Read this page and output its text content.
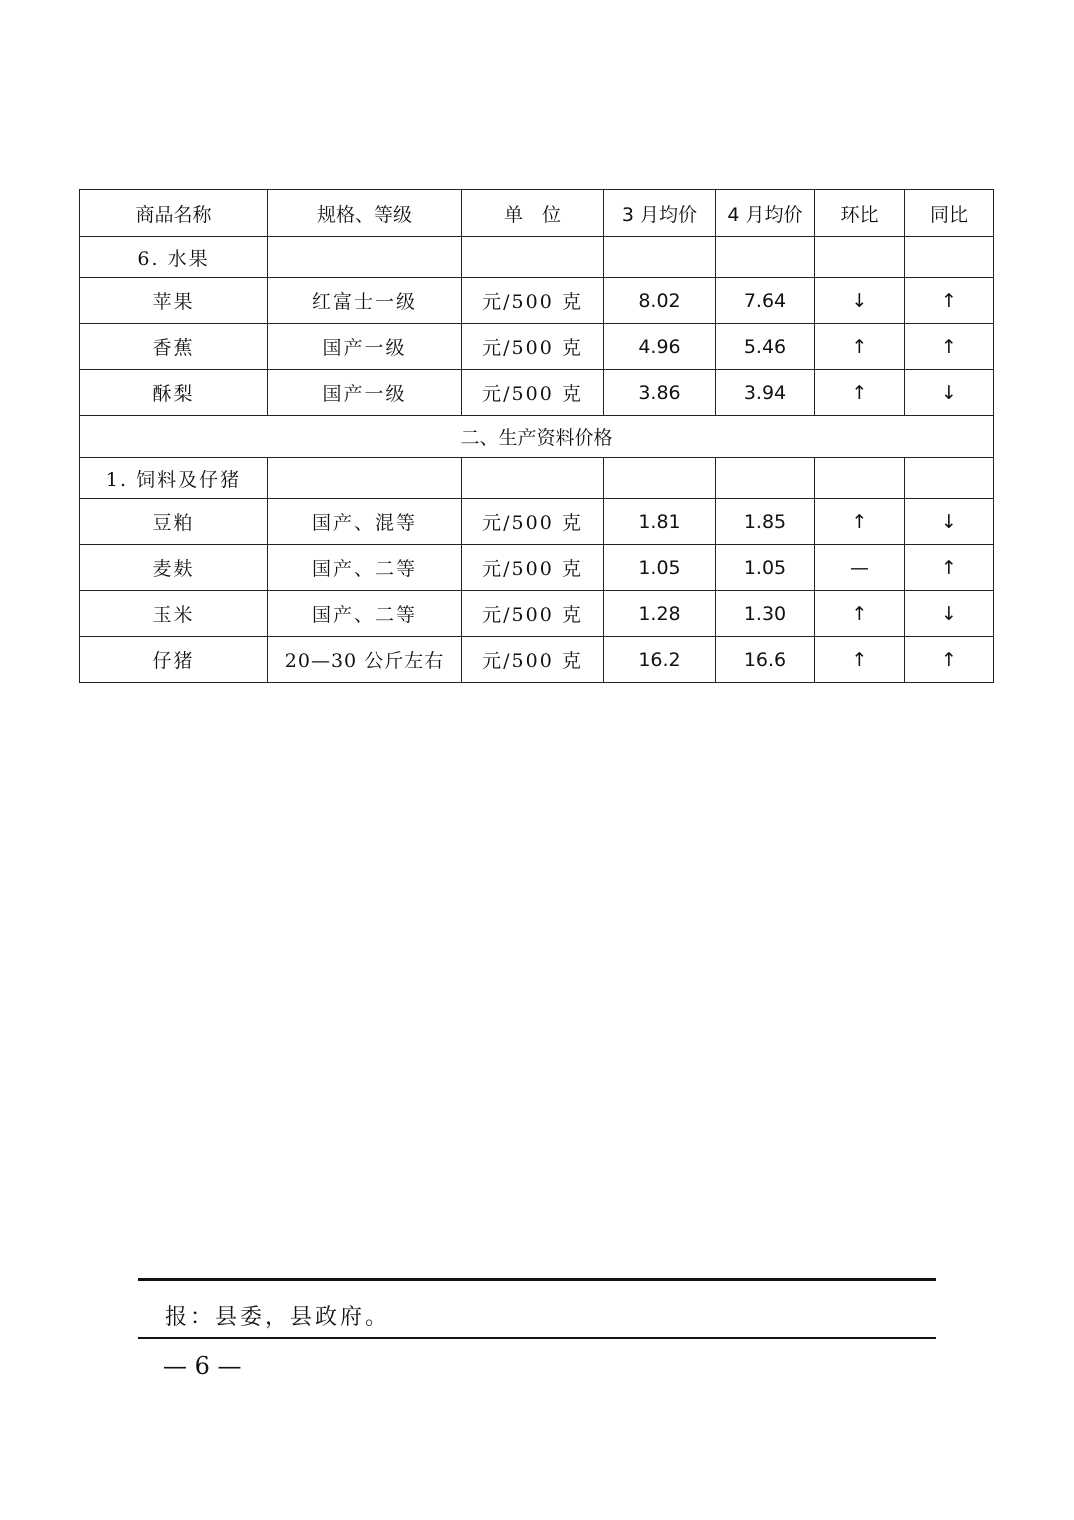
商品名称	规格、等级	单　位	3 月均价	4 月均价	环比	同比
6. 水果						
苹果	红富士一级	元/500 克	8.02	7.64	↓	↑
香蕉	国产一级	元/500 克	4.96	5.46	↑	↑
酥梨	国产一级	元/500 克	3.86	3.94	↑	↓
二、生产资料价格						
1. 饲料及仔猪						
豆粕	国产、混等	元/500 克	1.81	1.85	↑	↓
麦麸	国产、二等	元/500 克	1.05	1.05	—	↑
玉米	国产、二等	元/500 克	1.28	1.30	↑	↓
仔猪	20—30 公斤左右	元/500 克	16.2	16.6	↑	↑
报：县委，县政府。
— 6 —
